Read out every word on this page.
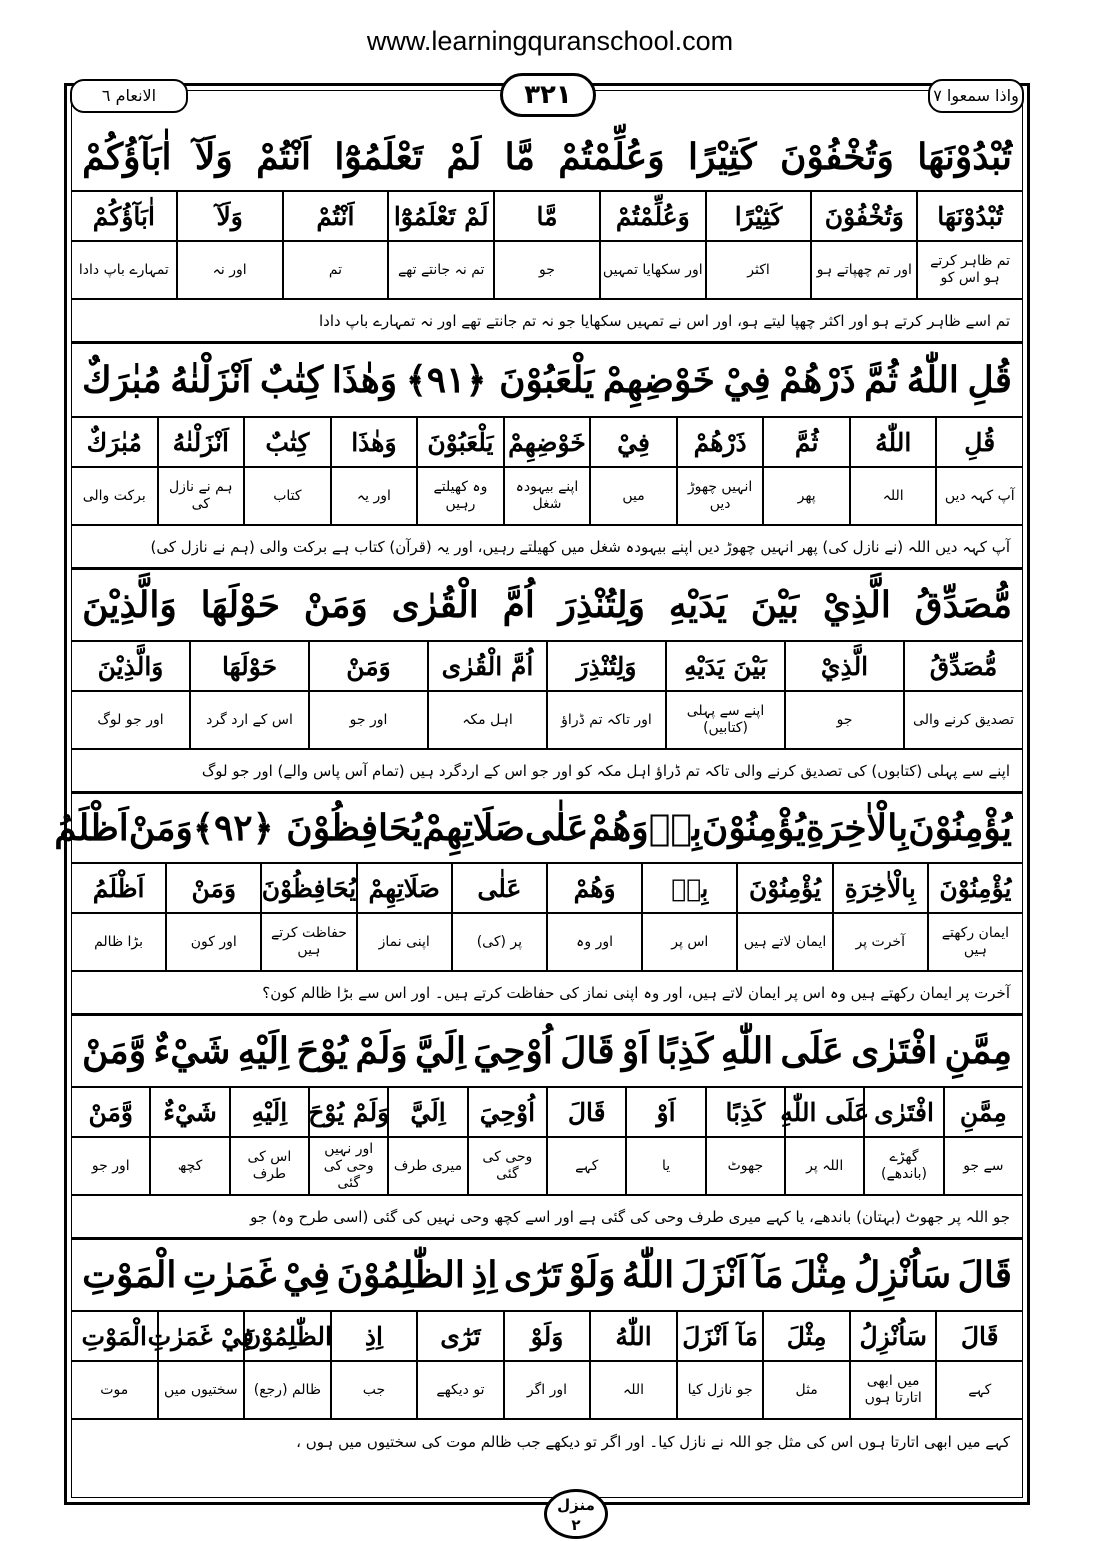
www.learningquranschool.com
الانعام ٦	۳۲۱	واذا سمعوا ٧
تُبْدُوْنَهَا
وَتُخْفُوْنَ
كَثِيْرًا
وَعُلِّمْتُمْ
مَّا
لَمْ
تَعْلَمُوْٓا
اَنْتُمْ
وَلَآ
اٰبَآؤُكُمْ
تُبْدُوْنَهَا
تم ظاہر کرتے ہو اس کو
وَتُخْفُوْنَ
اور تم چھپاتے ہو
كَثِيْرًا
اکثر
وَعُلِّمْتُمْ
اور سکھایا تمہیں
مَّا
جو
لَمْ تَعْلَمُوْٓا
تم نہ جانتے تھے
اَنْتُمْ
تم
وَلَآ
اور نہ
اٰبَآؤُكُمْ
تمہارے باپ دادا
تم اسے ظاہر کرتے ہو اور اکثر چھپا لیتے ہو، اور اس نے تمہیں سکھایا جو نہ تم جانتے تھے اور نہ تمہارے باپ دادا
قُلِ
اللّٰهُ
ثُمَّ
ذَرْهُمْ
فِيْ
خَوْضِهِمْ
يَلْعَبُوْنَ ﴿٩١﴾
وَهٰذَا
كِتٰبٌ
اَنْزَلْنٰهُ
مُبٰرَكٌ
قُلِ
آپ کہہ دیں
اللّٰهُ
اللہ
ثُمَّ
پھر
ذَرْهُمْ
انہیں چھوڑ دیں
فِيْ
میں
خَوْضِهِمْ
اپنے بیہودہ شغل
يَلْعَبُوْنَ
وہ کھیلتے رہیں
وَهٰذَا
اور یہ
كِتٰبٌ
کتاب
اَنْزَلْنٰهُ
ہم نے نازل کی
مُبٰرَكٌ
برکت والی
آپ کہہ دیں اللہ (نے نازل کی) پھر انہیں چھوڑ دیں اپنے بیہودہ شغل میں کھیلتے رہیں، اور یہ (قرآن) کتاب ہے برکت والی (ہم نے نازل کی)
مُّصَدِّقُ
الَّذِيْ
بَيْنَ
يَدَيْهِ
وَلِتُنْذِرَ
اُمَّ
الْقُرٰى
وَمَنْ
حَوْلَهَا
وَالَّذِيْنَ
مُّصَدِّقُ
تصدیق کرنے والی
الَّذِيْ
جو
بَيْنَ يَدَيْهِ
اپنے سے پہلی (کتابیں)
وَلِتُنْذِرَ
اور تاکہ تم ڈراؤ
اُمَّ الْقُرٰى
اہل مکہ
وَمَنْ
اور جو
حَوْلَهَا
اس کے ارد گرد
وَالَّذِيْنَ
اور جو لوگ
اپنے سے پہلی (کتابوں) کی تصدیق کرنے والی تاکہ تم ڈراؤ اہل مکہ کو اور جو اس کے اردگرد ہیں (تمام آس پاس والے) اور جو لوگ
يُؤْمِنُوْنَ
بِالْاٰخِرَةِ
يُؤْمِنُوْنَ
بِهٖ
وَهُمْ
عَلٰى
صَلَاتِهِمْ
يُحَافِظُوْنَ ﴿٩٢﴾
وَمَنْ
اَظْلَمُ
يُؤْمِنُوْنَ
ایمان رکھتے ہیں
بِالْاٰخِرَةِ
آخرت پر
يُؤْمِنُوْنَ
ایمان لاتے ہیں
بِهٖ
اس پر
وَهُمْ
اور وہ
عَلٰى
پر (کی)
صَلَاتِهِمْ
اپنی نماز
يُحَافِظُوْنَ
حفاظت کرتے ہیں
وَمَنْ
اور کون
اَظْلَمُ
بڑا ظالم
آخرت پر ایمان رکھتے ہیں وہ اس پر ایمان لاتے ہیں، اور وہ اپنی نماز کی حفاظت کرتے ہیں۔ اور اس سے بڑا ظالم کون؟
مِمَّنِ
افْتَرٰى
عَلَى
اللّٰهِ
كَذِبًا
اَوْ
قَالَ
اُوْحِيَ
اِلَيَّ
وَلَمْ
يُوْحَ
اِلَيْهِ
شَيْءٌ
وَّمَنْ
مِمَّنِ
سے جو
افْتَرٰى
گھڑے (باندھے)
عَلَى اللّٰهِ
اللہ پر
كَذِبًا
جھوٹ
اَوْ
یا
قَالَ
کہے
اُوْحِيَ
وحی کی گئی
اِلَيَّ
میری طرف
وَلَمْ يُوْحَ
اور نہیں وحی کی گئی
اِلَيْهِ
اس کی طرف
شَيْءٌ
کچھ
وَّمَنْ
اور جو
جو اللہ پر جھوٹ (بہتان) باندھے، یا کہے میری طرف وحی کی گئی ہے اور اسے کچھ وحی نہیں کی گئی (اسی طرح وہ) جو
قَالَ
سَاُنْزِلُ
مِثْلَ
مَآ
اَنْزَلَ
اللّٰهُ
وَلَوْ
تَرٰٓى
اِذِ
الظّٰلِمُوْنَ
فِيْ
غَمَرٰتِ
الْمَوْتِ
قَالَ
کہے
سَاُنْزِلُ
میں ابھی اتارتا ہوں
مِثْلَ
مثل
مَآ اَنْزَلَ
جو نازل کیا
اللّٰهُ
اللہ
وَلَوْ
اور اگر
تَرٰٓى
تو دیکھے
اِذِ
جب
الظّٰلِمُوْنَ
ظالم (رجع)
فِيْ غَمَرٰتِ
سختیوں میں
الْمَوْتِ
موت
کہے میں ابھی اتارتا ہوں اس کی مثل جو اللہ نے نازل کیا۔ اور اگر تو دیکھے جب ظالم موت کی سختیوں میں ہوں ،
منزل
۲
